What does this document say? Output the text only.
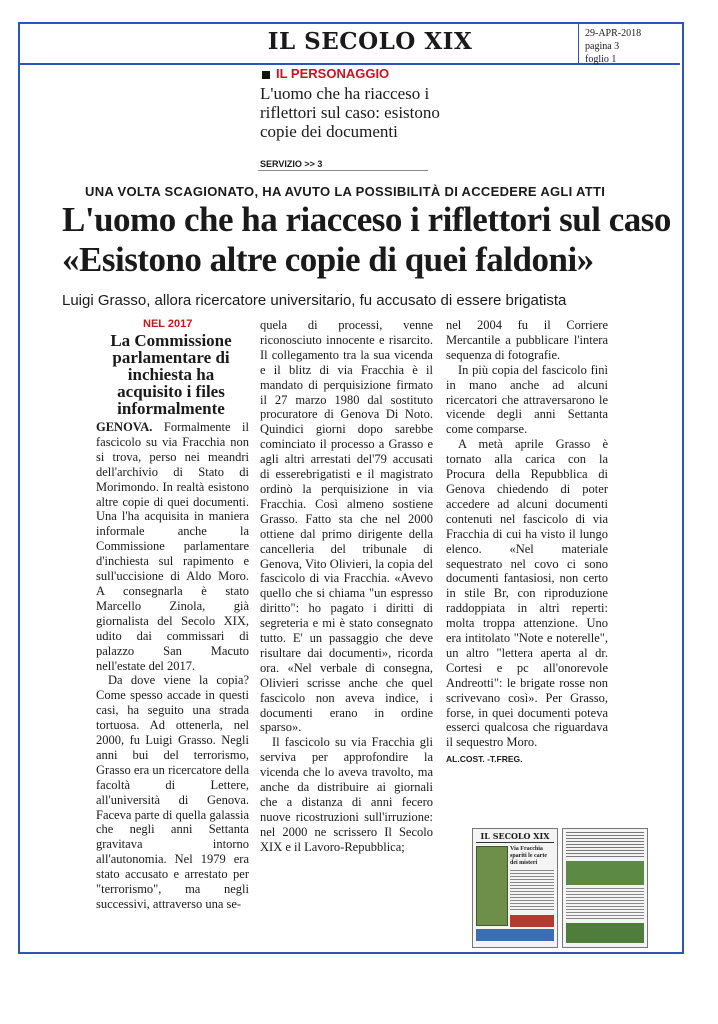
IL SECOLO XIX	29-APR-2018
pagina 3
foglio 1
IL PERSONAGGIO
L'uomo che ha riacceso i riflettori sul caso: esistono copie dei documenti
SERVIZIO >> 3
UNA VOLTA SCAGIONATO, HA AVUTO LA POSSIBILITÀ DI ACCEDERE AGLI ATTI
L'uomo che ha riacceso i riflettori sul caso
«Esistono altre copie di quei faldoni»
Luigi Grasso, allora ricercatore universitario, fu accusato di essere brigatista
NEL 2017
La Commissione parlamentare di inchiesta ha acquisito i files informalmente

GENOVA. Formalmente il fascicolo su via Fracchia non si trova, perso nei meandri dell'archivio di Stato di Morimondo. In realtà esistono altre copie di quei documenti. Una l'ha acquisita in maniera informale anche la Commissione parlamentare d'inchiesta sul rapimento e sull'uccisione di Aldo Moro. A consegnarla è stato Marcello Zinola, già giornalista del Secolo XIX, udito dai commissari di palazzo San Macuto nell'estate del 2017.

Da dove viene la copia? Come spesso accade in questi casi, ha seguito una strada tortuosa. Ad ottenerla, nel 2000, fu Luigi Grasso. Negli anni bui del terrorismo, Grasso era un ricercatore della facoltà di Lettere, all'università di Genova. Faceva parte di quella galassia che negli anni Settanta gravitava intorno all'autonomia. Nel 1979 era stato accusato e arrestato per "terrorismo", ma negli successivi, attraverso una se-

quela di processi, venne riconosciuto innocente e risarcito. Il collegamento tra la sua vicenda e il blitz di via Fracchia è il mandato di perquisizione firmato il 27 marzo 1980 dal sostituto procuratore di Genova Di Noto. Quindici giorni dopo sarebbe cominciato il processo a Grasso e agli altri arrestati del'79 accusati di esserebrigatisti e il magistrato ordinò la perquisizione in via Fracchia. Così almeno sostiene Grasso. Fatto sta che nel 2000 ottiene dal primo dirigente della cancelleria del tribunale di Genova, Vito Olivieri, la copia del fascicolo di via Fracchia. «Avevo quello che si chiama "un espresso diritto": ho pagato i diritti di segreteria e mi è stato consegnato tutto. E' un passaggio che deve risultare dai documenti», ricorda ora. «Nel verbale di consegna, Olivieri scrisse anche che quel fascicolo non aveva indice, i documenti erano in ordine sparso».

Il fascicolo su via Fracchia gli serviva per approfondire la vicenda che lo aveva travolto, ma anche da distribuire ai giornali che a distanza di anni fecero nuove ricostruzioni sull'irruzione: nel 2000 ne scrissero Il Secolo XIX e il Lavoro-Repubblica;

nel 2004 fu il Corriere Mercantile a pubblicare l'intera sequenza di fotografie.

In più copia del fascicolo finì in mano anche ad alcuni ricercatori che attraversarono le vicende degli anni Settanta come comparse.

A metà aprile Grasso è tornato alla carica con la Procura della Repubblica di Genova chiedendo di poter accedere ad alcuni documenti contenuti nel fascicolo di via Fracchia di cui ha visto il lungo elenco. «Nel materiale sequestrato nel covo ci sono documenti fantasiosi, non certo in stile Br, con riproduzione raddoppiata in altri reperti: molta troppa attenzione. Uno era intitolato "Note e noterelle", un altro "lettera aperta al dr. Cortesi e pc all'onorevole Andreotti": le brigate rosse non scrivevano così». Per Grasso, forse, in quei documenti poteva esserci qualcosa che riguardava il sequestro Moro.

AL.COST. -T.FREG.

IL SECOLO XIX
Via Fracchia spariti le carte dei misteri
